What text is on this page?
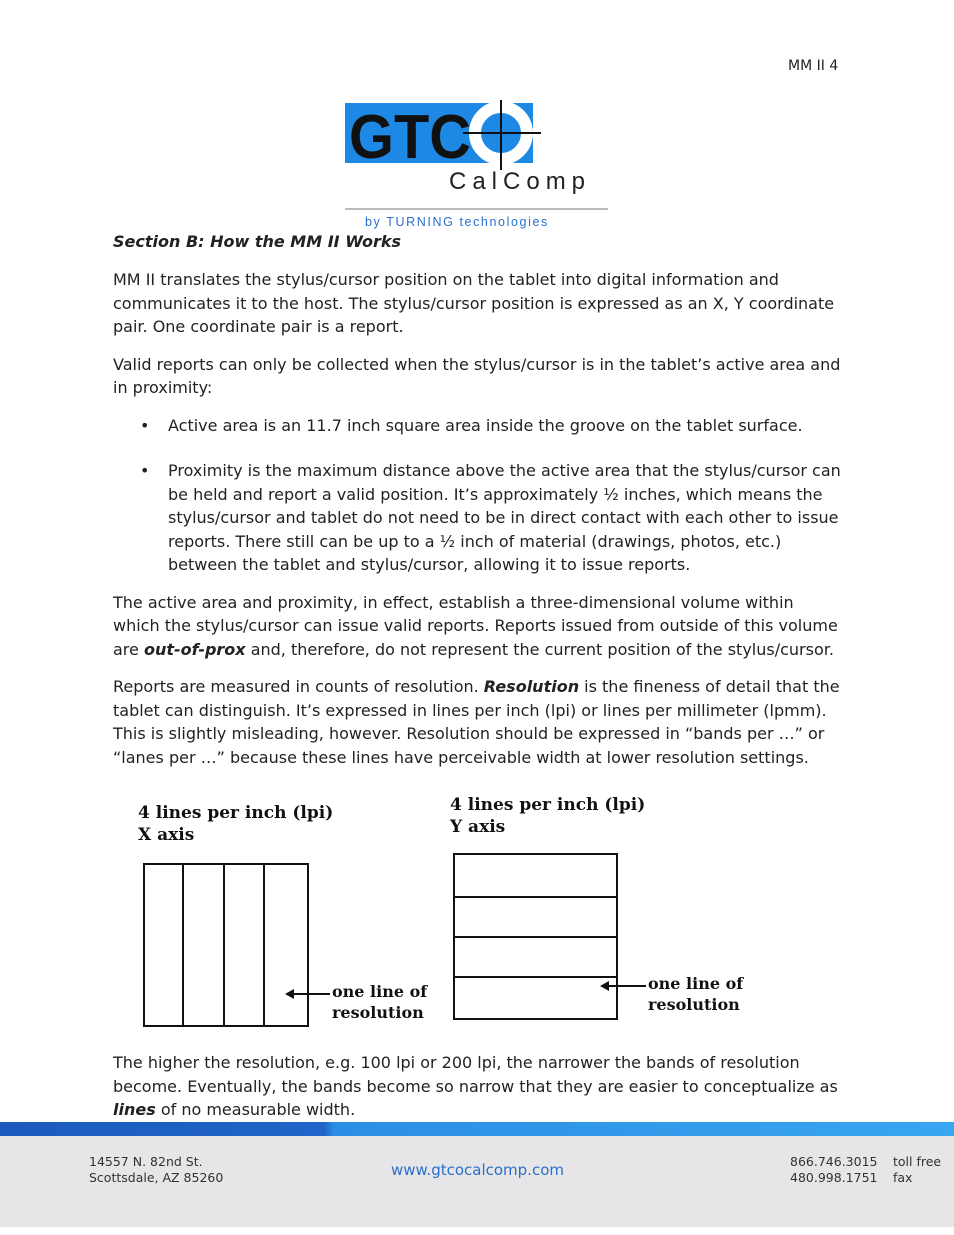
MM II 4
GTC
CalComp
by TURNING technologies
Section B: How the MM II Works

MM II translates the stylus/cursor position on the tablet into digital information and communicates it to the host. The stylus/cursor position is expressed as an X, Y coordinate pair. One coordinate pair is a report.

Valid reports can only be collected when the stylus/cursor is in the tablet’s active area and in proximity:

• Active area is an 11.7 inch square area inside the groove on the tablet surface.
• Proximity is the maximum distance above the active area that the stylus/cursor can be held and report a valid position. It’s approximately ½ inches, which means the stylus/cursor and tablet do not need to be in direct contact with each other to issue reports. There still can be up to a ½ inch of material (drawings, photos, etc.) between the tablet and stylus/cursor, allowing it to issue reports.

The active area and proximity, in effect, establish a three-dimensional volume within which the stylus/cursor can issue valid reports. Reports issued from outside of this volume are out-of-prox and, therefore, do not represent the current position of the stylus/cursor.

Reports are measured in counts of resolution. Resolution is the fineness of detail that the tablet can distinguish. It’s expressed in lines per inch (lpi) or lines per millimeter (lpmm). This is slightly misleading, however. Resolution should be expressed in “bands per …” or “lanes per …” because these lines have perceivable width at lower resolution settings.

4 lines per inch (lpi)
X axis
4 lines per inch (lpi)
Y axis
one line of
resolution
one line of
resolution

The higher the resolution, e.g. 100 lpi or 200 lpi, the narrower the bands of resolution become. Eventually, the bands become so narrow that they are easier to conceptualize as lines of no measurable width.

14557 N. 82nd St.
Scottsdale, AZ 85260	www.gtcocalcomp.com	866.746.3015	toll free
480.998.1751	fax
